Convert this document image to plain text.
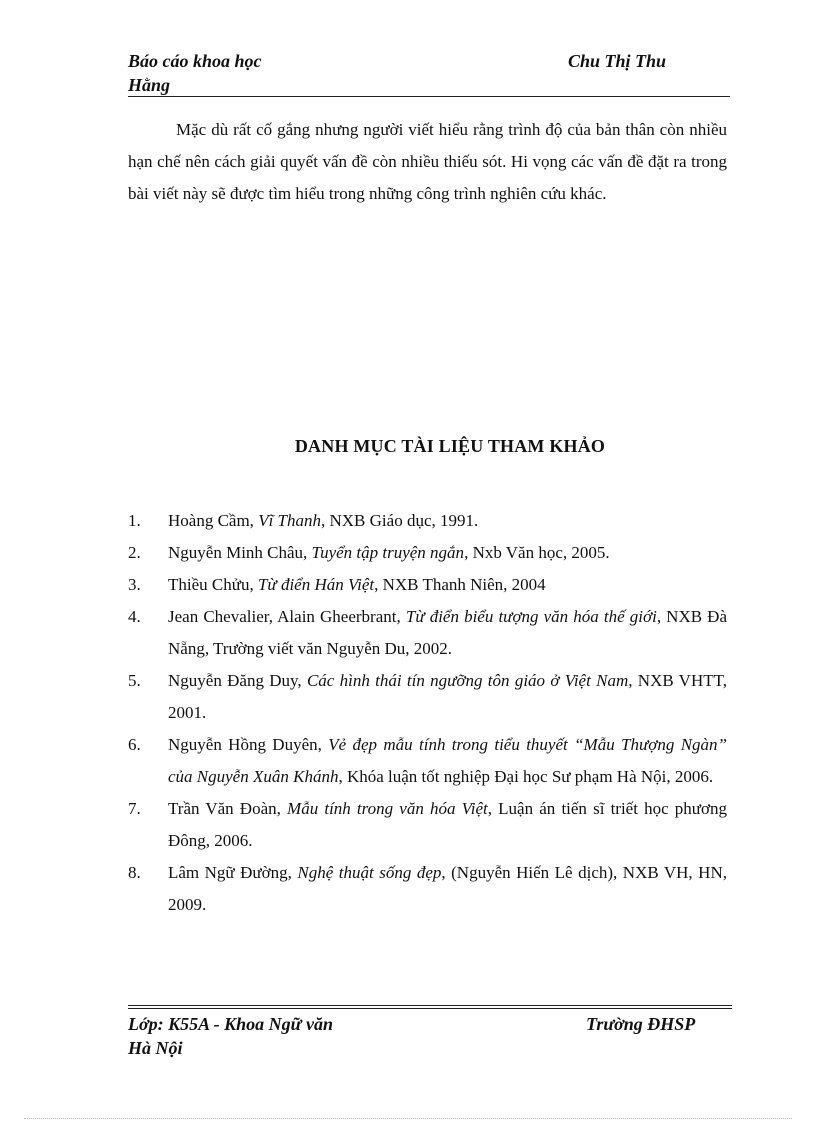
Báo cáo khoa học	Chu Thị Thu
Hằng

Mặc dù rất cố gắng nhưng người viết hiểu rằng trình độ của bản thân còn nhiều hạn chế nên cách giải quyết vấn đề còn nhiều thiếu sót. Hi vọng các vấn đề đặt ra trong bài viết này sẽ được tìm hiểu trong những công trình nghiên cứu khác.

DANH MỤC TÀI LIỆU THAM KHẢO
1. Hoàng Cầm, Vĩ Thanh, NXB Giáo dục, 1991.
2. Nguyễn Minh Châu, Tuyển tập truyện ngắn, Nxb Văn học, 2005.
3. Thiều Chửu, Từ điển Hán Việt, NXB Thanh Niên, 2004
4. Jean Chevalier, Alain Gheerbrant, Từ điển biểu tượng văn hóa thế giới, NXB Đà Nẵng, Trường viết văn Nguyễn Du, 2002.
5. Nguyễn Đăng Duy, Các hình thái tín ngưỡng tôn giáo ở Việt Nam, NXB VHTT, 2001.
6. Nguyễn Hồng Duyên, Vẻ đẹp mẫu tính trong tiểu thuyết “Mẫu Thượng Ngàn” của Nguyễn Xuân Khánh, Khóa luận tốt nghiệp Đại học Sư phạm Hà Nội, 2006.
7. Trần Văn Đoàn, Mẫu tính trong văn hóa Việt, Luận án tiến sĩ triết học phương Đông, 2006.
8. Lâm Ngữ Đường, Nghệ thuật sống đẹp, (Nguyễn Hiến Lê dịch), NXB VH, HN, 2009.
Lớp: K55A - Khoa Ngữ văn	Trường ĐHSP
Hà Nội
